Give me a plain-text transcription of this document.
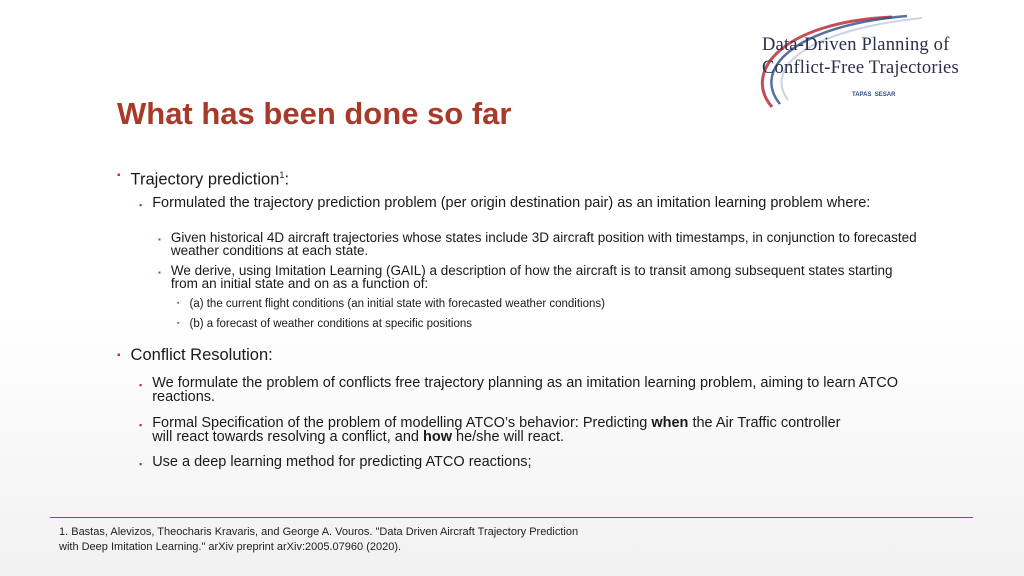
Data-Driven Planning of
Conflict-Free Trajectories
TAPAS SESAR
What has been done so far
▪ Trajectory prediction$^1$:
▪ Formulated the trajectory prediction problem (per origin destination pair) as an imitation learning problem where:
▪ Given historical 4D aircraft trajectories whose states include 3D aircraft position with timestamps, in conjunction to forecasted weather conditions at each state.
▪ We derive, using Imitation Learning (GAIL) a description of how the aircraft is to transit among subsequent states starting from an initial state and on as a function of:
▪ (a) the current flight conditions (an initial state with forecasted weather conditions)
▪ (b) a forecast of weather conditions at specific positions
▪ Conflict Resolution:
▪ We formulate the problem of conflicts free trajectory planning as an imitation learning problem, aiming to learn ATCO reactions.
▪ Formal Specification of the problem of modelling ATCO’s behavior: Predicting when the Air Traffic controller will react towards resolving a conflict, and how he/she will react.
▪ Use a deep learning method for predicting ATCO reactions;
1. Bastas, Alevizos, Theocharis Kravaris, and George A. Vouros. "Data Driven Aircraft Trajectory Prediction with Deep Imitation Learning." arXiv preprint arXiv:2005.07960 (2020).
